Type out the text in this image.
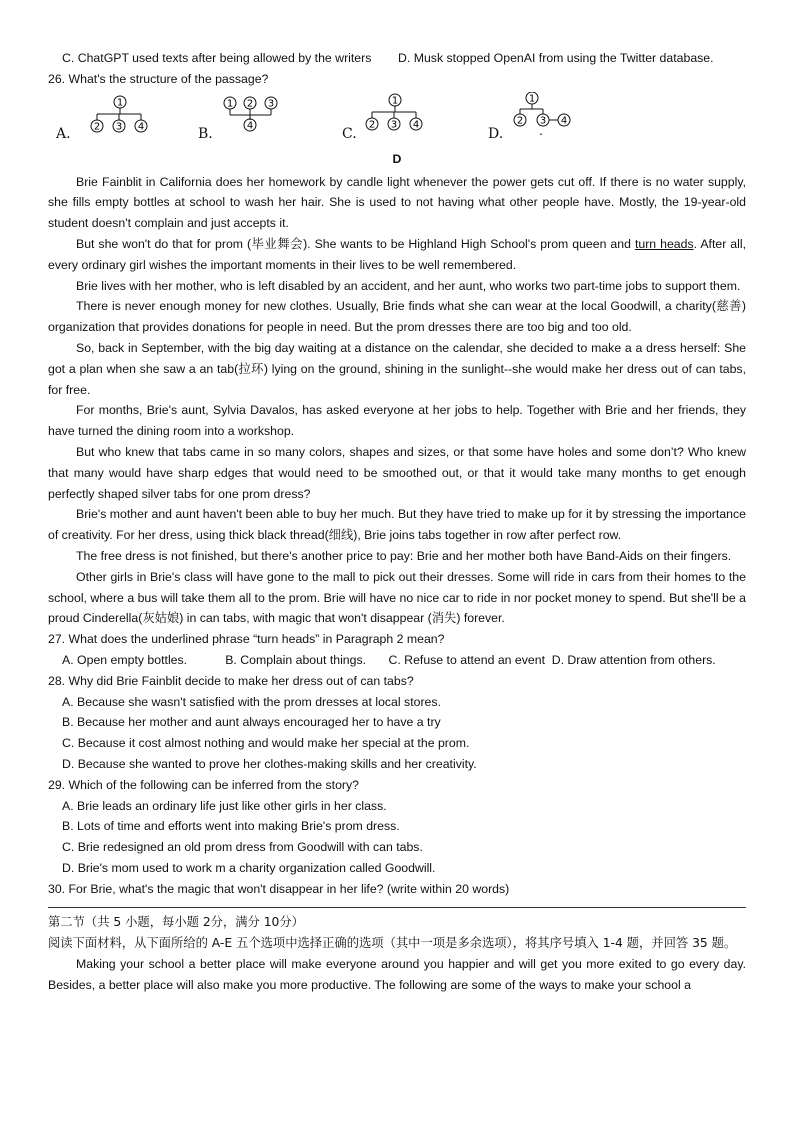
C. ChatGPT used texts after being allowed by the writers	D. Musk stopped OpenAI from using the Twitter database.
26. What's the structure of the passage?
A.
1
2 3 4	B.
1 2 3
4	C.
1
2 3 4
D.
1
2 3 4
.
D
Brie Fainblit in California does her homework by candle light whenever the power gets cut off. If there is no water supply, she fills empty bottles at school to wash her hair. She is used to not having what other people have. Mostly, the 19-year-old student doesn't complain and just accepts it.
But she won't do that for prom (毕业舞会). She wants to be Highland High School's prom queen and turn heads. After all, every ordinary girl wishes the important moments in their lives to be well remembered.
Brie lives with her mother, who is left disabled by an accident, and her aunt, who works two part-time jobs to support them.
There is never enough money for new clothes. Usually, Brie finds what she can wear at the local Goodwill, a charity(慈善) organization that provides donations for people in need. But the prom dresses there are too big and too old.
So, back in September, with the big day waiting at a distance on the calendar, she decided to make a a dress herself: She got a plan when she saw a an tab(拉环) lying on the ground, shining in the sunlight--she would make her dress out of can tabs, for free.
For months, Brie's aunt, Sylvia Davalos, has asked everyone at her jobs to help. Together with Brie and her friends, they have turned the dining room into a workshop.
But who knew that tabs came in so many colors, shapes and sizes, or that some have holes and some don’t? Who knew that many would have sharp edges that would need to be smoothed out, or that it would take many months to get enough perfectly shaped silver tabs for one prom dress?
Brie's mother and aunt haven't been able to buy her much. But they have tried to make up for it by stressing the importance of creativity. For her dress, using thick black thread(细线), Brie joins tabs together in row after perfect row.
The free dress is not finished, but there's another price to pay: Brie and her mother both have Band-Aids on their fingers.
Other girls in Brie's class will have gone to the mall to pick out their dresses. Some will ride in cars from their homes to the school, where a bus will take them all to the prom. Brie will have no nice car to ride in nor pocket money to spend. But she'll be a proud Cinderella(灰姑娘) in can tabs, with magic that won't disappear (消失) forever.
27. What does the underlined phrase “turn heads” in Paragraph 2 mean?
A. Open empty bottles.	B. Complain about things.	C. Refuse to attend an event D. Draw attention from others.
28. Why did Brie Fainblit decide to make her dress out of can tabs?
A. Because she wasn't satisfied with the prom dresses at local stores.
B. Because her mother and aunt always encouraged her to have a try
C. Because it cost almost nothing and would make her special at the prom.
D. Because she wanted to prove her clothes-making skills and her creativity.
29. Which of the following can be inferred from the story?
A. Brie leads an ordinary life just like other girls in her class.
B. Lots of time and efforts went into making Brie's prom dress.
C. Brie redesigned an old prom dress from Goodwill with can tabs.
D. Brie's mom used to work m a charity organization called Goodwill.
30. For Brie, what's the magic that won't disappear in her life? (write within 20 words)
第二节（共 5 小题，每小题 2分，满分 10分）
阅读下面材料，从下面所给的 A-E 五个选项中选择正确的选项（其中一项是多余选项），将其序号填入 1-4 题，并回答 35 题。
Making your school a better place will make everyone around you happier and will get you more exited to go every day. Besides, a better place will also make you more productive. The following are some of the ways to make your school a
